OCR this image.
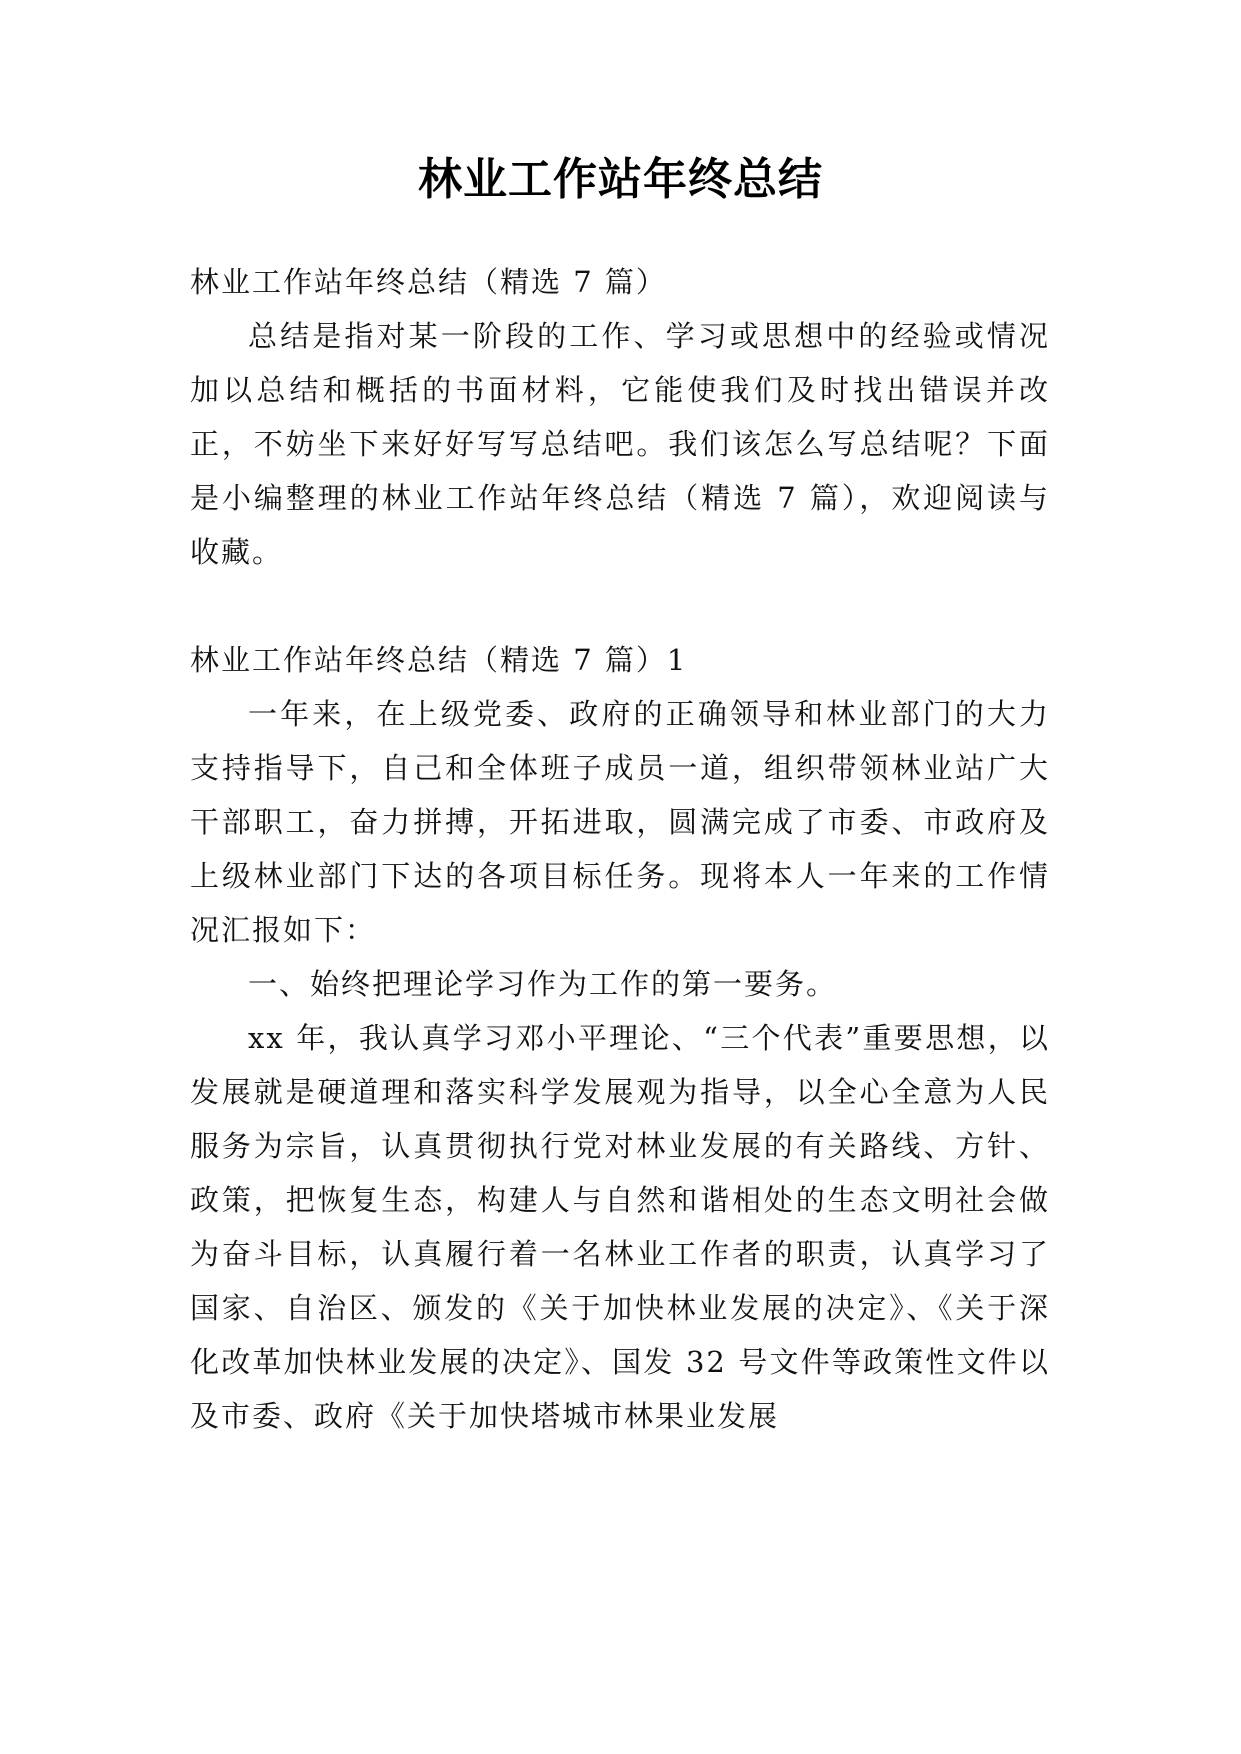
林业工作站年终总结

林业工作站年终总结（精选 7 篇）

总结是指对某一阶段的工作、学习或思想中的经验或情况加以总结和概括的书面材料，它能使我们及时找出错误并改正，不妨坐下来好好写写总结吧。我们该怎么写总结呢？下面是小编整理的林业工作站年终总结（精选 7 篇），欢迎阅读与收藏。

林业工作站年终总结（精选 7 篇）1

一年来，在上级党委、政府的正确领导和林业部门的大力支持指导下，自己和全体班子成员一道，组织带领林业站广大干部职工，奋力拼搏，开拓进取，圆满完成了市委、市政府及上级林业部门下达的各项目标任务。现将本人一年来的工作情况汇报如下：

一、始终把理论学习作为工作的第一要务。

xx 年，我认真学习邓小平理论、“三个代表”重要思想，以发展就是硬道理和落实科学发展观为指导，以全心全意为人民服务为宗旨，认真贯彻执行党对林业发展的有关路线、方针、政策，把恢复生态，构建人与自然和谐相处的生态文明社会做为奋斗目标，认真履行着一名林业工作者的职责，认真学习了国家、自治区、颁发的《关于加快林业发展的决定》、《关于深化改革加快林业发展的决定》、国发 32 号文件等政策性文件以及市委、政府《关于加快塔城市林果业发展
